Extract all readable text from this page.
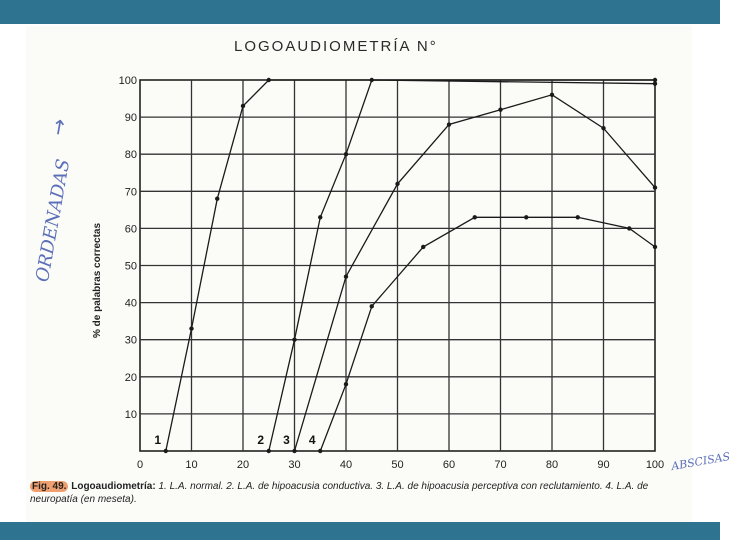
LOGOAUDIOMETRÍA N°
% de palabras correctas
ORDENADAS
→
ABSCISAS
0	10	20	30	40	50	60	70	80	90	100
10
20
30
40
50
60
70
80
90
100
1	2 3 4
Fig. 49. Logoaudiometría: 1. L.A. normal. 2. L.A. de hipoacusia conductiva. 3. L.A. de hipoacusia perceptiva con reclutamiento. 4. L.A. de neuropatía (en meseta).
